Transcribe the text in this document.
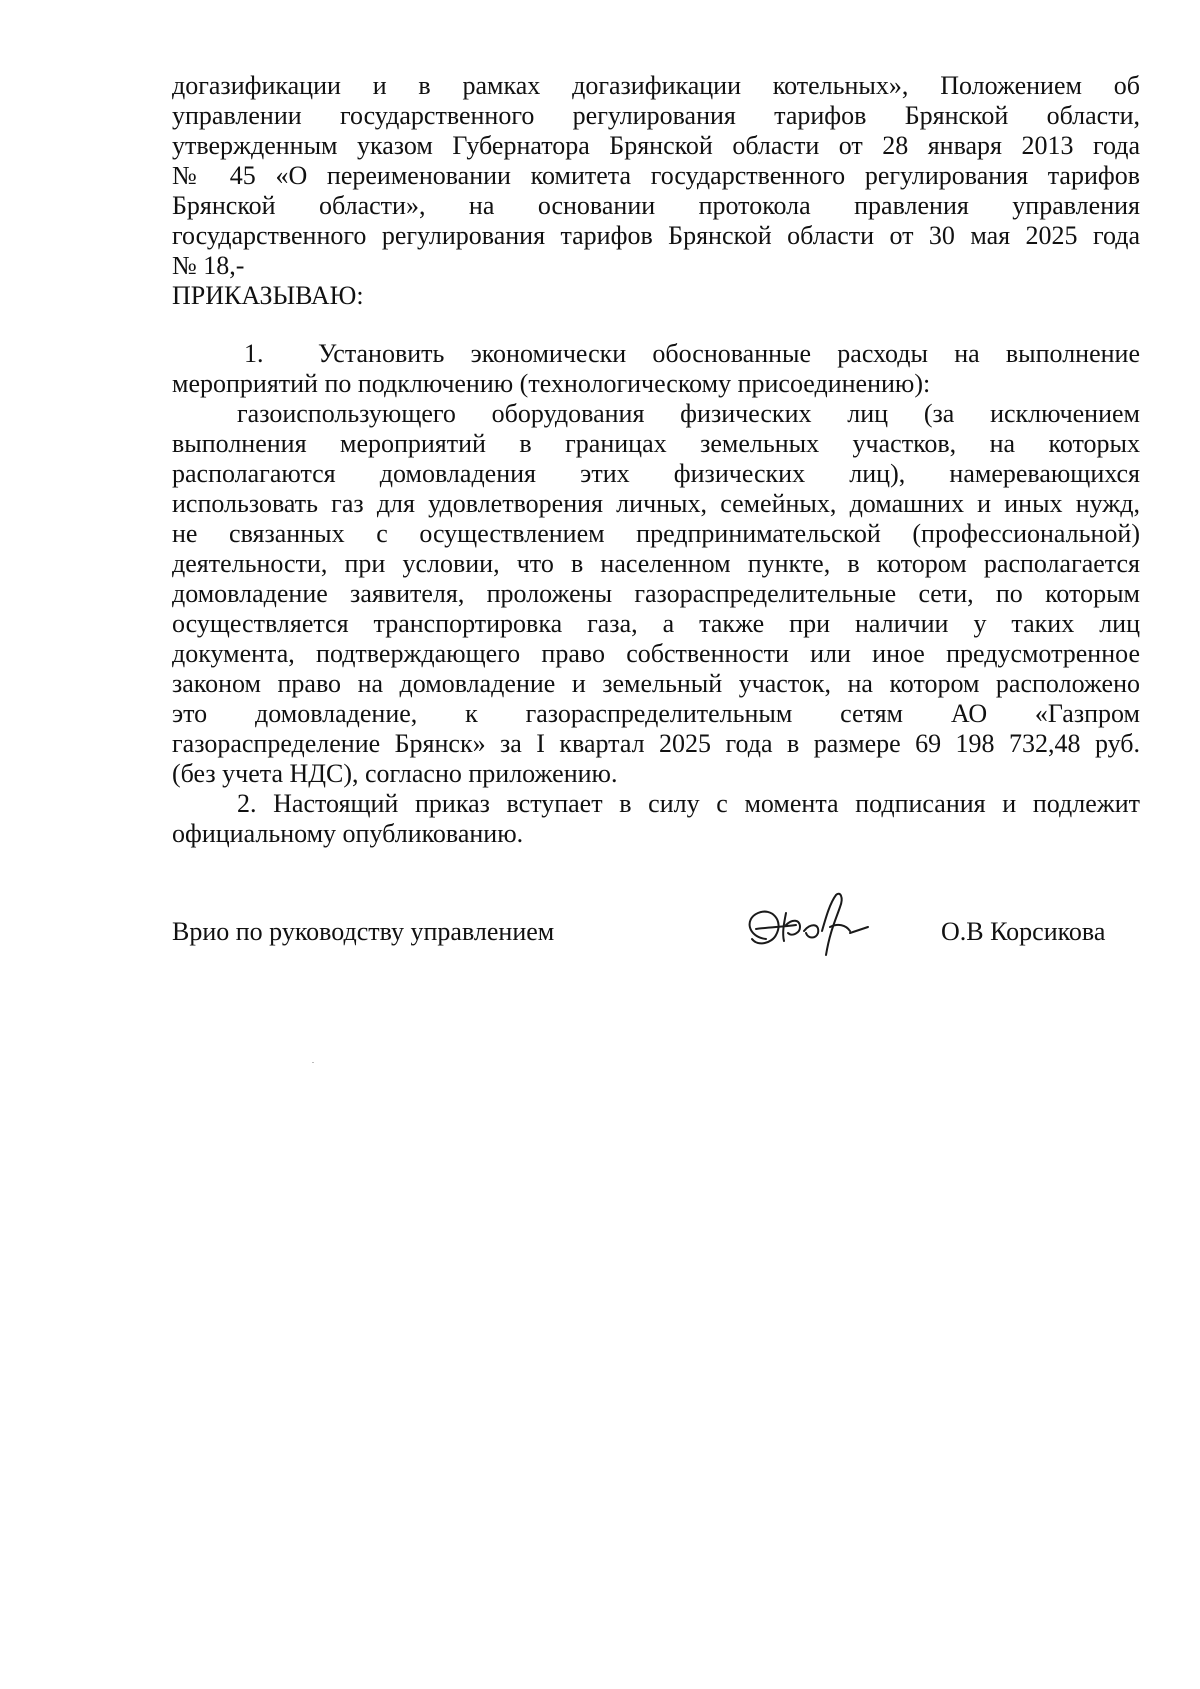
догазификации и в рамках догазификации котельных», Положением об
управлении государственного регулирования тарифов Брянской области,
утвержденным указом Губернатора Брянской области от 28 января 2013 года
№ 45 «О переименовании комитета государственного регулирования тарифов
Брянской области», на основании протокола правления управления
государственного регулирования тарифов Брянской области от 30 мая 2025 года
№ 18,-
ПРИКАЗЫВАЮ:
1.	Установить экономически обоснованные расходы на выполнение
мероприятий по подключению (технологическому присоединению):
газоиспользующего оборудования физических лиц (за исключением
выполнения мероприятий в границах земельных участков, на которых
располагаются домовладения этих физических лиц), намеревающихся
использовать газ для удовлетворения личных, семейных, домашних и иных нужд,
не связанных с осуществлением предпринимательской (профессиональной)
деятельности, при условии, что в населенном пункте, в котором располагается
домовладение заявителя, проложены газораспределительные сети, по которым
осуществляется транспортировка газа, а также при наличии у таких лиц
документа, подтверждающего право собственности или иное предусмотренное
законом право на домовладение и земельный участок, на котором расположено
это домовладение, к газораспределительным сетям АО «Газпром
газораспределение Брянск» за I квартал 2025 года в размере 69 198 732,48 руб.
(без учета НДС), согласно приложению.
2. Настоящий приказ вступает в силу с момента подписания и подлежит
официальному опубликованию.
Врио по руководству управлением	О.В Корсикова
